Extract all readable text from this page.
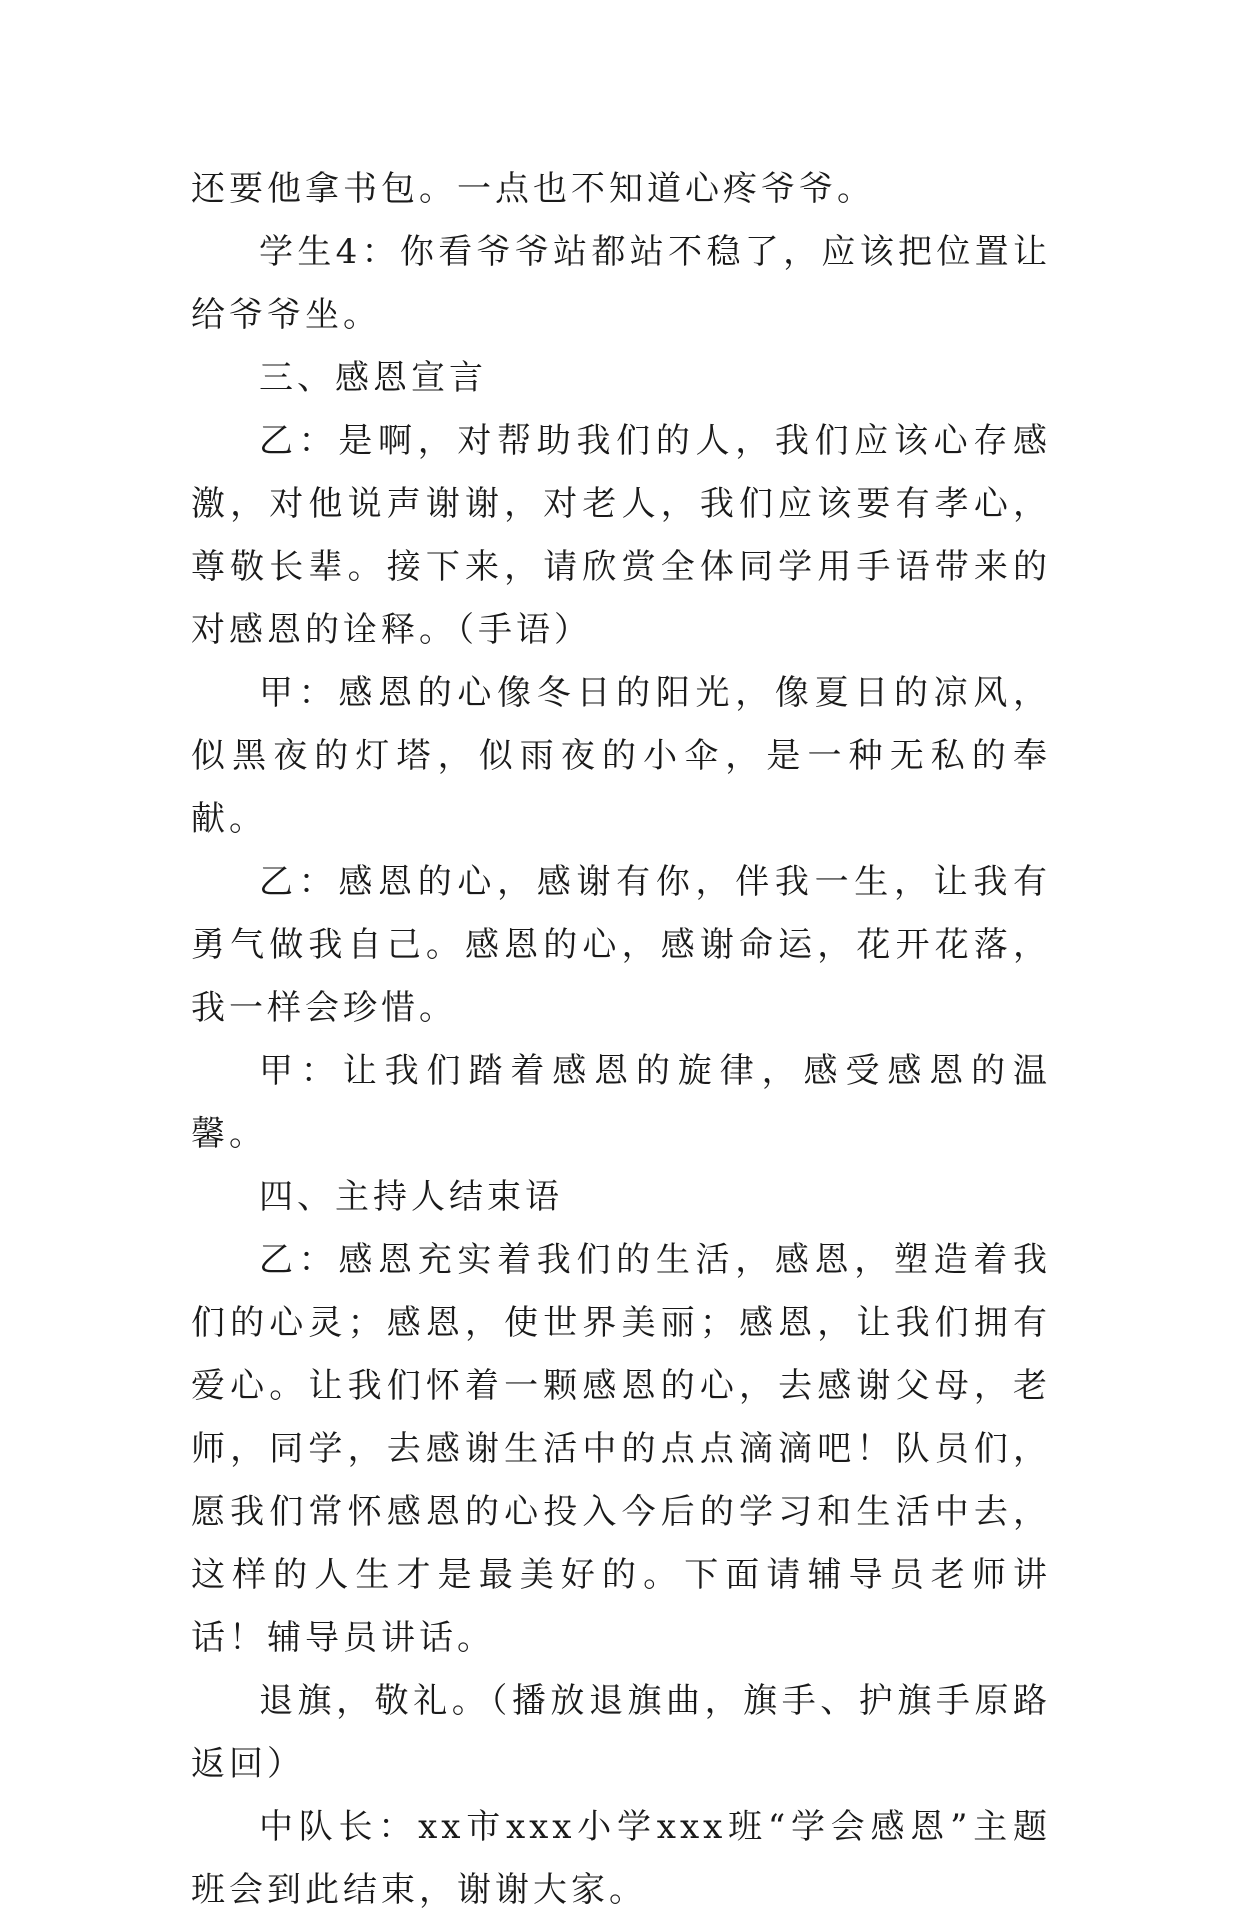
还要他拿书包。一点也不知道心疼爷爷。

学生4：你看爷爷站都站不稳了，应该把位置让给爷爷坐。

三、感恩宣言

乙：是啊，对帮助我们的人，我们应该心存感激，对他说声谢谢，对老人，我们应该要有孝心，尊敬长辈。接下来，请欣赏全体同学用手语带来的对感恩的诠释。（手语）

甲：感恩的心像冬日的阳光，像夏日的凉风，似黑夜的灯塔，似雨夜的小伞，是一种无私的奉献。

乙：感恩的心，感谢有你，伴我一生，让我有勇气做我自己。感恩的心，感谢命运，花开花落，我一样会珍惜。

甲：让我们踏着感恩的旋律，感受感恩的温馨。

四、主持人结束语

乙：感恩充实着我们的生活，感恩，塑造着我们的心灵；感恩，使世界美丽；感恩，让我们拥有爱心。让我们怀着一颗感恩的心，去感谢父母，老师，同学，去感谢生活中的点点滴滴吧！队员们，愿我们常怀感恩的心投入今后的学习和生活中去，这样的人生才是最美好的。下面请辅导员老师讲话！辅导员讲话。

退旗，敬礼。（播放退旗曲，旗手、护旗手原路返回）

中队长：xx市xxx小学xxx班“学会感恩”主题班会到此结束，谢谢大家。
